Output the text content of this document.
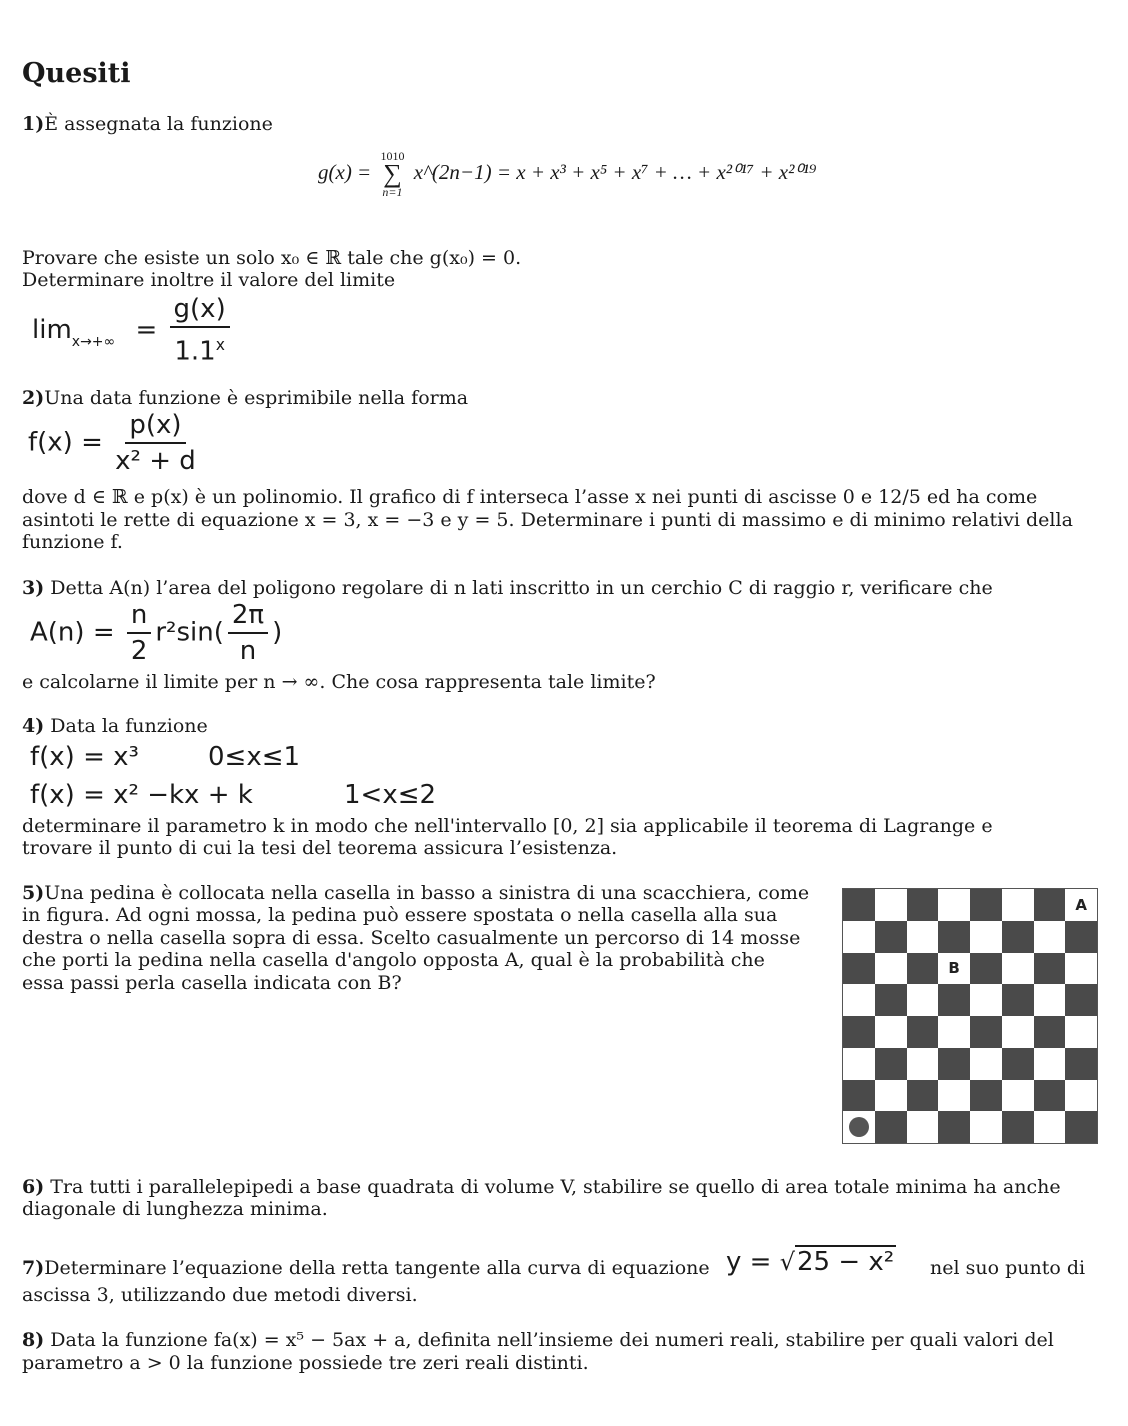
Quesiti
1)È assegnata la funzione
g(x) =
1010
∑
n=1
x^(2n−1) = x + x³ + x⁵ + x⁷ + … + x²⁰¹⁷ + x²⁰¹⁹
Provare che esiste un solo x₀ ∈ ℝ tale che g(x₀) = 0.
Determinare inoltre il valore del limite
$\lim_{x\to+\infty} = \frac{g(x)}{1.1^x}$
2)Una data funzione è esprimibile nella forma
$f(x) = \frac{p(x)}{\text{x² + d}}$
dove d ∈ ℝ e p(x) è un polinomio. Il grafico di f interseca l’asse x nei punti di ascisse 0 e 12/5 ed ha come
asintoti le rette di equazione x = 3, x = −3 e y = 5. Determinare i punti di massimo e di minimo relativi della
funzione f.
3) Detta A(n) l’area del poligono regolare di n lati inscritto in un cerchio C di raggio r, verificare che
$A(n) = \frac{n}{2} r^2\sin( \frac{2\pi}{n}$ )
e calcolarne il limite per n → ∞. Che cosa rappresenta tale limite?
4) Data la funzione
f(x) = x³	0≤x≤1
f(x) = x² −kx + k	1<x≤2
determinare il parametro k in modo che nell'intervallo [0, 2] sia applicabile il teorema di Lagrange e
trovare il punto di cui la tesi del teorema assicura l’esistenza.
5)Una pedina è collocata nella casella in basso a sinistra di una scacchiera, come
in figura. Ad ogni mossa, la pedina può essere spostata o nella casella alla sua
destra o nella casella sopra di essa. Scelto casualmente un percorso di 14 mosse
che porti la pedina nella casella d'angolo opposta A, qual è la probabilità che
essa passi perla casella indicata con B?
A
B
6) Tra tutti i parallelepipedi a base quadrata di volume V, stabilire se quello di area totale minima ha anche
diagonale di lunghezza minima.
7)Determinare l’equazione della retta tangente alla curva di equazione y = √25 − x² nel suo punto di
ascissa 3, utilizzando due metodi diversi.
8) Data la funzione fa(x) = x⁵ − 5ax + a, definita nell’insieme dei numeri reali, stabilire per quali valori del
parametro a > 0 la funzione possiede tre zeri reali distinti.
